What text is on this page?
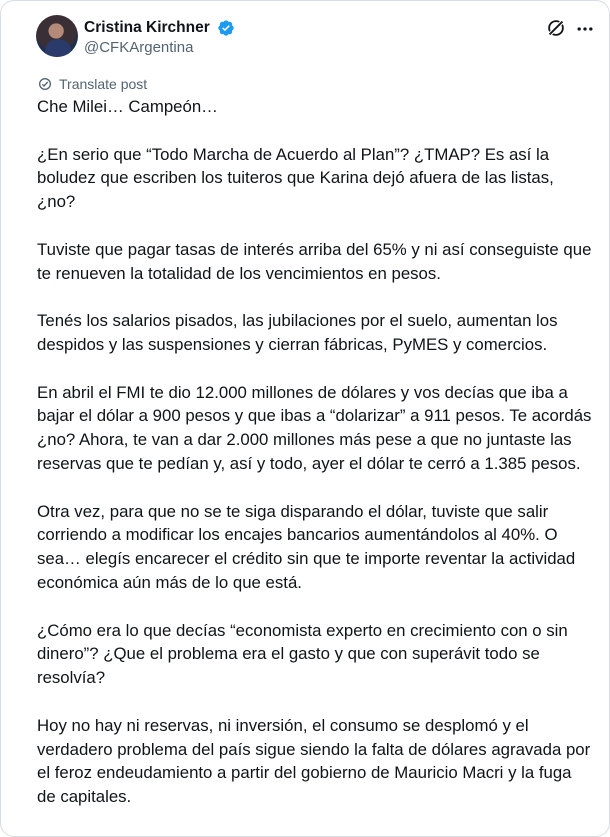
Cristina Kirchner
@CFKArgentina
Translate post

Che Milei… Campeón…

¿En serio que “Todo Marcha de Acuerdo al Plan”? ¿TMAP? Es así la boludez que escriben los tuiteros que Karina dejó afuera de las listas, ¿no?

Tuviste que pagar tasas de interés arriba del 65% y ni así conseguiste que te renueven la totalidad de los vencimientos en pesos.

Tenés los salarios pisados, las jubilaciones por el suelo, aumentan los despidos y las suspensiones y cierran fábricas, PyMES y comercios.

En abril el FMI te dio 12.000 millones de dólares y vos decías que iba a bajar el dólar a 900 pesos y que ibas a “dolarizar” a 911 pesos. Te acordás ¿no? Ahora, te van a dar 2.000 millones más pese a que no juntaste las reservas que te pedían y, así y todo, ayer el dólar te cerró a 1.385 pesos.

Otra vez, para que no se te siga disparando el dólar, tuviste que salir corriendo a modificar los encajes bancarios aumentándolos al 40%. O sea… elegís encarecer el crédito sin que te importe reventar la actividad económica aún más de lo que está.

¿Cómo era lo que decías “economista experto en crecimiento con o sin dinero”? ¿Que el problema era el gasto y que con superávit todo se resolvía?

Hoy no hay ni reservas, ni inversión, el consumo se desplomó y el verdadero problema del país sigue siendo la falta de dólares agravada por el feroz endeudamiento a partir del gobierno de Mauricio Macri y la fuga de capitales.
